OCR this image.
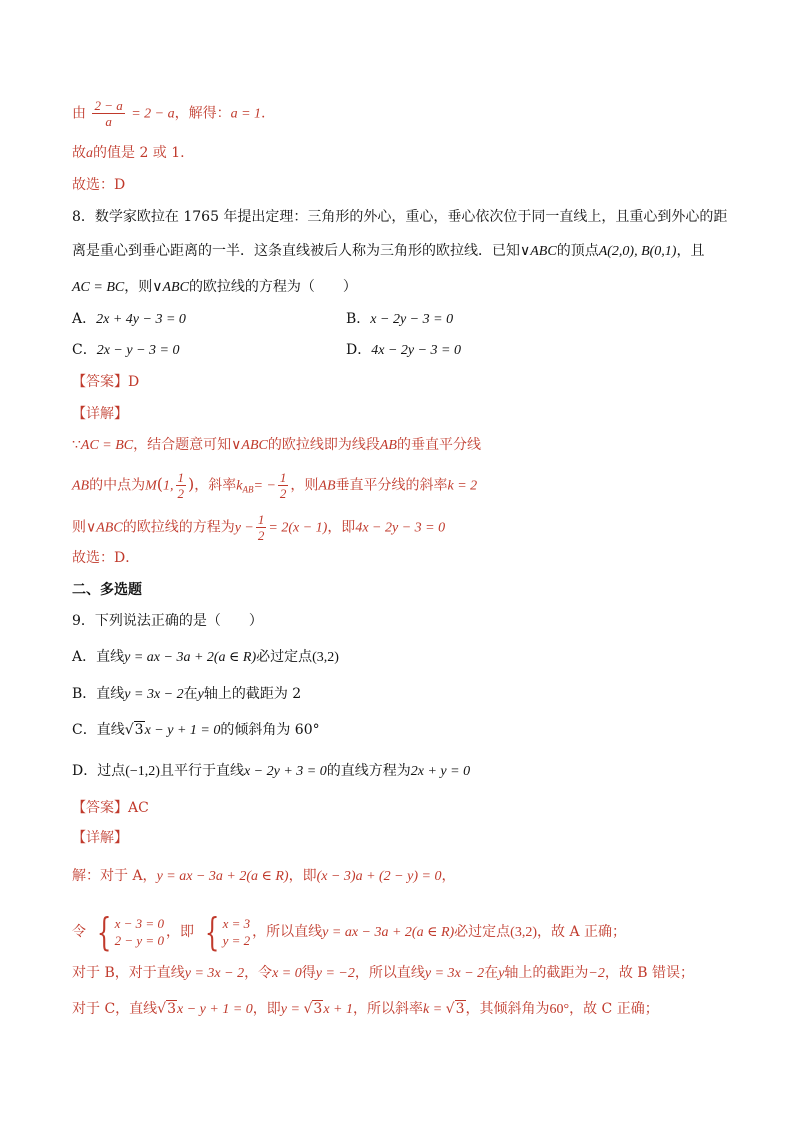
由 $\frac{2 - a}{a} = 2 - a$，解得：a = 1.
故a的值是 2 或 1.
故选：D
8．数学家欧拉在 1765 年提出定理：三角形的外心，重心，垂心依次位于同一直线上，且重心到外心的距
离是重心到垂心距离的一半．这条直线被后人称为三角形的欧拉线．已知∨ABC的顶点A(2,0), B(0,1)，且
AC = BC，则∨ABC的欧拉线的方程为（　　）
A．2x + 4y − 3 = 0	B．x − 2y − 3 = 0
C．2x − y − 3 = 0	D．4x − 2y − 3 = 0
【答案】D
【详解】
∵AC = BC，结合题意可知∨ABC的欧拉线即为线段AB的垂直平分线
AB的中点为M(1, $\frac{1}{2}$ )，斜率$k_{AB}= - \frac{1}{2}$ ，则AB垂直平分线的斜率k = 2
则∨ABC的欧拉线的方程为$y - \frac{1}{2} = 2(x - 1)$，即4x − 2y − 3 = 0
故选：D．
二、多选题
9．下列说法正确的是（　　）
A．直线y = ax − 3a + 2(a ∈ R)必过定点(3,2)
B．直线y = 3x − 2在y轴上的截距为 2
C．直线√3x − y + 1 = 0的倾斜角为 60°
D．过点(−1,2)且平行于直线x − 2y + 3 = 0的直线方程为2x + y = 0
【答案】AC
【详解】
解：对于 A，y = ax − 3a + 2(a ∈ R)，即(x − 3)a + (2 − y) = 0，
令 { x − 3 = 0
2 − y = 0
，即 { x = 3
y = 2
，所以直线y = ax − 3a + 2(a ∈ R)必过定点(3,2)，故 A 正确；
对于 B，对于直线y = 3x − 2，令x = 0得y = −2，所以直线y = 3x − 2在y轴上的截距为−2，故 B 错误；
对于 C，直线√3x − y + 1 = 0，即y = √3x + 1，所以斜率k = √3，其倾斜角为60°，故 C 正确；
